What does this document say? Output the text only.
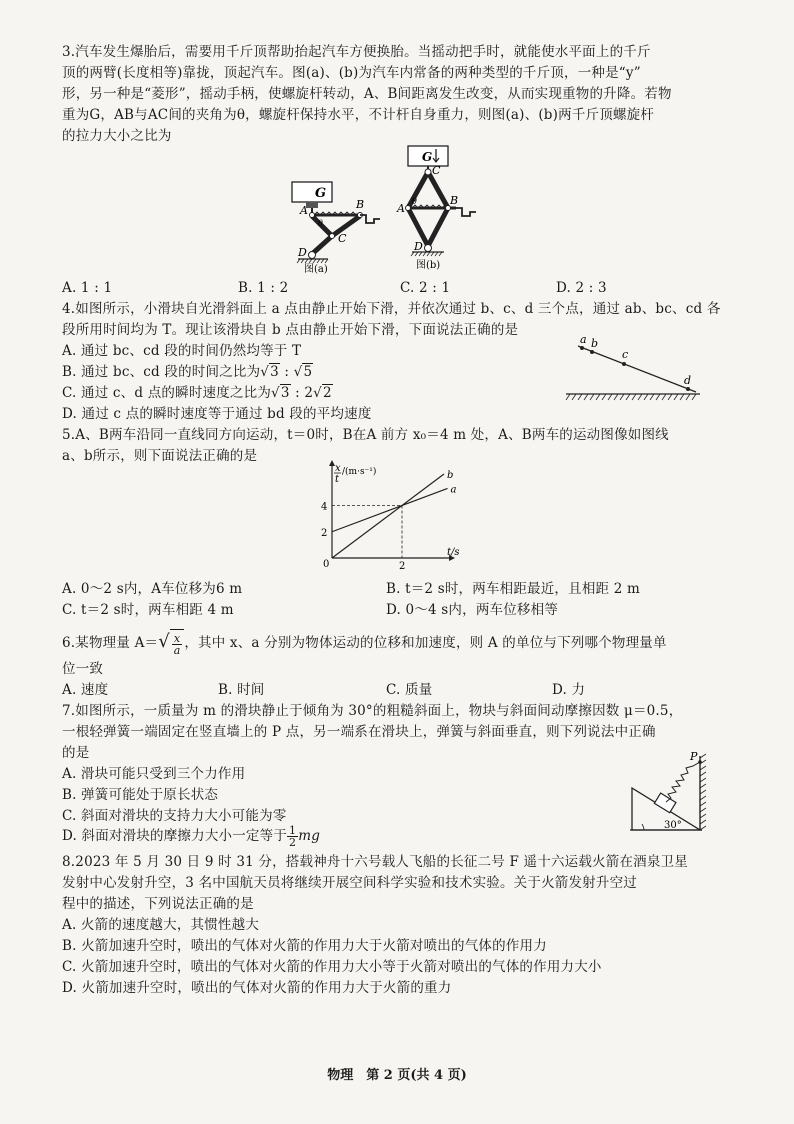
3.汽车发生爆胎后，需要用千斤顶帮助抬起汽车方便换胎。当摇动把手时，就能使水平面上的千斤
顶的两臂(长度相等)靠拢，顶起汽车。图(a)、(b)为汽车内常备的两种类型的千斤顶，一种是“y”
形，另一种是“菱形”，摇动手柄，使螺旋杆转动，A、B间距离发生改变，从而实现重物的升降。若物
重为G，AB与AC间的夹角为θ，螺旋杆保持水平，不计杆自身重力，则图(a)、(b)两千斤顶螺旋杆
的拉力大小之比为
G
A	B
C
D
θ
图(a)
G
C
A
B
D
θ
图(b)
A. 1 : 1	B. 1 : 2	C. 2 : 1	D. 2 : 3
4.如图所示，小滑块自光滑斜面上 a 点由静止开始下滑，并依次通过 b、c、d 三个点，通过 ab、bc、cd 各
段所用时间均为 T。现让该滑块自 b 点由静止开始下滑，下面说法正确的是
A. 通过 bc、cd 段的时间仍然均等于 T
B. 通过 bc、cd 段的时间之比为√3 : √5
C. 通过 c、d 点的瞬时速度之比为√3 : 2√2
D. 通过 c 点的瞬时速度等于通过 bd 段的平均速度
a b
c
d
5.A、B两车沿同一直线同方向运动，t＝0时，B在A 前方 x₀＝4 m 处，A、B两车的运动图像如图线
a、b所示，则下面说法正确的是
x
t
/(m·s⁻¹)
t/s
0
2
4
2
a
b
A. 0～2 s内，A车位移为6 m	B. t＝2 s时，两车相距最近，且相距 2 m
C. t＝2 s时，两车相距 4 m	D. 0～4 s内，两车位移相等
6.某物理量 $A=√ \frac{x}{a}$ ，其中 x、a 分别为物体运动的位移和加速度，则 A 的单位与下列哪个物理量单
位一致
A. 速度	B. 时间	C. 质量	D. 力
7.如图所示，一质量为 m 的滑块静止于倾角为 30°的粗糙斜面上，物块与斜面间动摩擦因数 μ＝0.5，
一根轻弹簧一端固定在竖直墙上的 P 点，另一端系在滑块上，弹簧与斜面垂直，则下列说法中正确
的是
A. 滑块可能只受到三个力作用
B. 弹簧可能处于原长状态
C. 斜面对滑块的支持力大小可能为零
D. 斜面对滑块的摩擦力大小一定等于 $\frac{1}{2}$ mg
P
30°
8.2023 年 5 月 30 日 9 时 31 分，搭载神舟十六号载人飞船的长征二号 F 遥十六运载火箭在酒泉卫星
发射中心发射升空，3 名中国航天员将继续开展空间科学实验和技术实验。关于火箭发射升空过
程中的描述，下列说法正确的是
A. 火箭的速度越大，其惯性越大
B. 火箭加速升空时，喷出的气体对火箭的作用力大于火箭对喷出的气体的作用力
C. 火箭加速升空时，喷出的气体对火箭的作用力大小等于火箭对喷出的气体的作用力大小
D. 火箭加速升空时，喷出的气体对火箭的作用力大于火箭的重力
物理　第 2 页(共 4 页)
